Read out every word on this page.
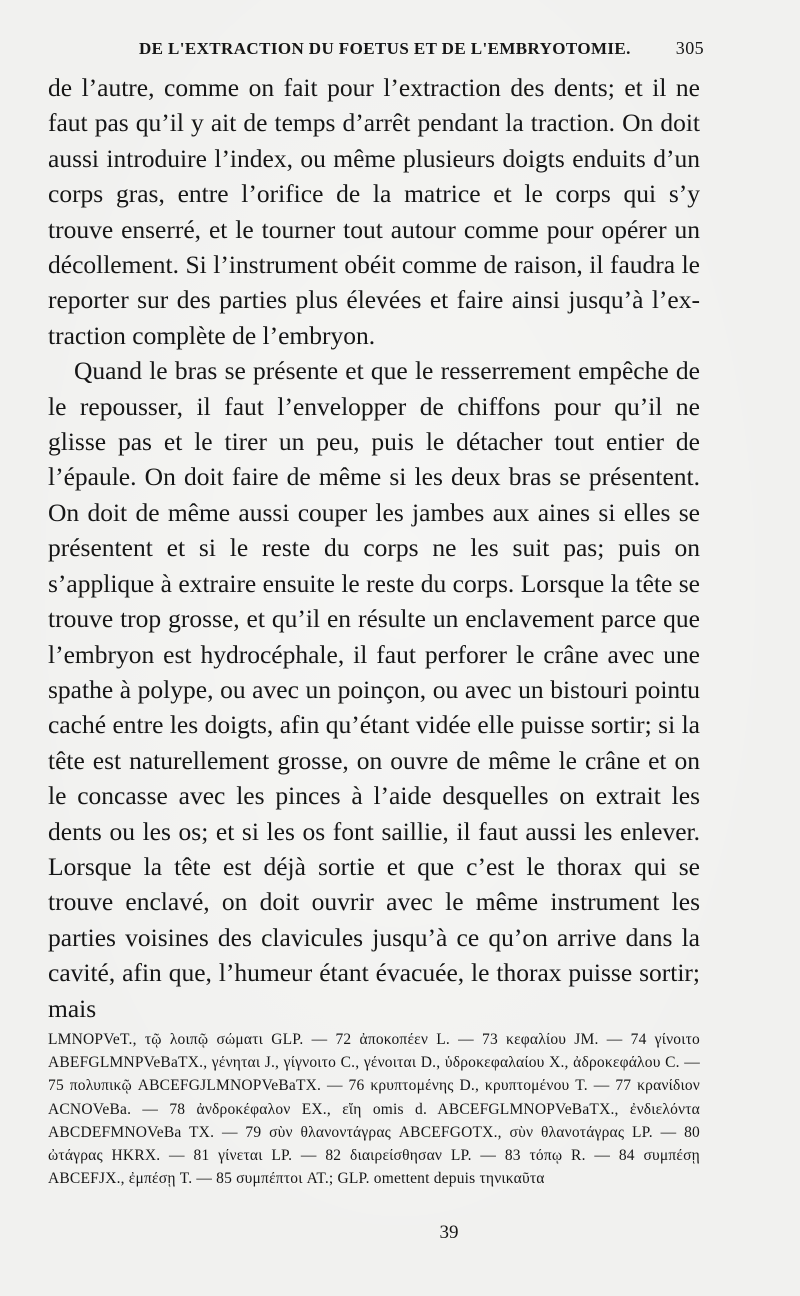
DE L'EXTRACTION DU FOETUS ET DE L'EMBRYOTOMIE.	305

de l’autre, comme on fait pour l’extraction des dents; et il ne faut pas qu’il y ait de temps d’arrêt pendant la traction. On doit aussi introduire l’index, ou même plusieurs doigts enduits d’un corps gras, entre l’orifice de la matrice et le corps qui s’y trouve enserré, et le tourner tout autour comme pour opérer un décollement. Si l’instrument obéit comme de raison, il faudra le reporter sur des parties plus élevées et faire ainsi jusqu’à l’extraction complète de l’embryon.

Quand le bras se présente et que le resserrement empêche de le repousser, il faut l’envelopper de chiffons pour qu’il ne glisse pas et le tirer un peu, puis le détacher tout entier de l’épaule. On doit faire de même si les deux bras se présentent. On doit de même aussi couper les jambes aux aines si elles se présentent et si le reste du corps ne les suit pas; puis on s’applique à extraire ensuite le reste du corps. Lorsque la tête se trouve trop grosse, et qu’il en résulte un enclavement parce que l’embryon est hydrocéphale, il faut perforer le crâne avec une spathe à polype, ou avec un poinçon, ou avec un bistouri pointu caché entre les doigts, afin qu’étant vidée elle puisse sortir; si la tête est naturellement grosse, on ouvre de même le crâne et on le concasse avec les pinces à l’aide desquelles on extrait les dents ou les os; et si les os font saillie, il faut aussi les enlever. Lorsque la tête est déjà sortie et que c’est le thorax qui se trouve enclavé, on doit ouvrir avec le même instrument les parties voisines des clavicules jusqu’à ce qu’on arrive dans la cavité, afin que, l’humeur étant évacuée, le thorax puisse sortir; mais

LMNOPVeT., τῷ λοιπῷ σώματι GLP. — 72 ἀποκοπέεν L. — 73 κεφαλίου JM. — 74 γίνοιτο ABEFGLMNPVeBaTX., γένηται J., γίγνοιτο C., γένοιται D., ὑδροκεφαλαίου X., ἀδροκεφάλου C. — 75 πολυπικῷ ABCEFGJLMNOPVeBaTX. — 76 κρυπτομένης D., κρυπτομένου T. — 77 κρανίδιον ACNOVeBa. — 78 ἀνδροκέφαλον EX., εἴη omis d. ABCEFGLMNOPVeBaTX., ἐνδιελόντα ABCDEFMNOVeBa TX. — 79 σὺν θλανοντάγρας ABCEFGOTX., σὺν θλανοτάγρας LP. — 80 ὠτάγρας HKRX. — 81 γίνεται LP. — 82 διαιρείσθησαν LP. — 83 τόπῳ R. — 84 συμπέσῃ ABCEFJX., ἐμπέσῃ T. — 85 συμπέπτοι AT.; GLP. omettent depuis τηνικαῦτα

39
